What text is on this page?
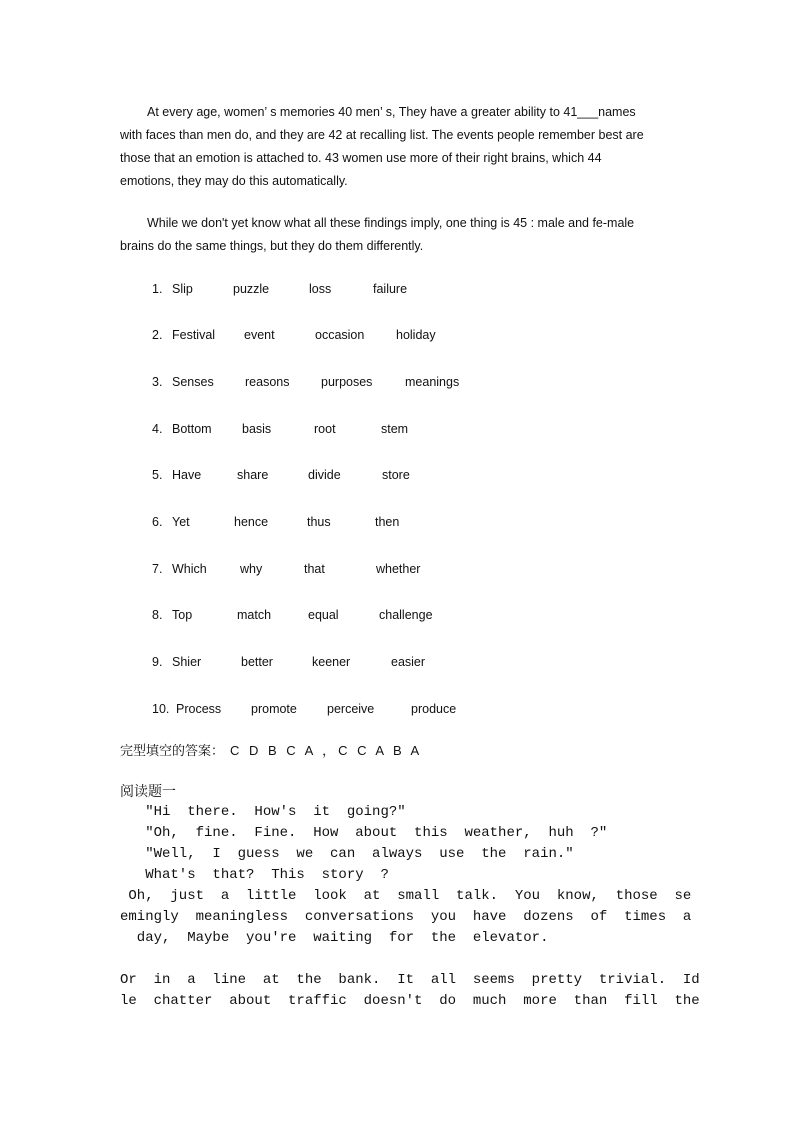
At every age, women’ s memories 40 men’ s, They have a greater ability to 41___names
with faces than men do, and they are 42 at recalling list. The events people remember best are
those that an emotion is attached to. 43 women use more of their right brains, which 44
emotions, they may do this automatically.
While we don't yet know what all these findings imply, one thing is 45 : male and fe-male
brains do the same things, but they do them differently.
1. Slip	puzzle	loss	failure
2. Festival event	occasion	holiday
3. Senses	reasons	purposes	meanings
4. Bottom basis	root	stem
5. Have	share	divide	store
6. Yet	hence	thus	then
7. Which	why	that	whether
8. Top	match	equal	challenge
9. Shier	better	keener	easier
10. Process promote perceive	produce
完型填空的答案： C D B C A ，C C A B A
阅读题一
"Hi  there.  How's  it  going?"
"Oh,  fine.  Fine.  How  about  this  weather,  huh  ?"
"Well,  I  guess  we  can  always  use  the  rain."
What's  that?  This  story  ?
Oh,  just  a  little  look  at  small  talk.  You  know,  those  se
emingly  meaningless  conversations  you  have  dozens  of  times  a
day,  Maybe  you're  waiting  for  the  elevator.

Or  in  a  line  at  the  bank.  It  all  seems  pretty  trivial.  Id
le  chatter  about  traffic  doesn't  do  much  more  than  fill  the
